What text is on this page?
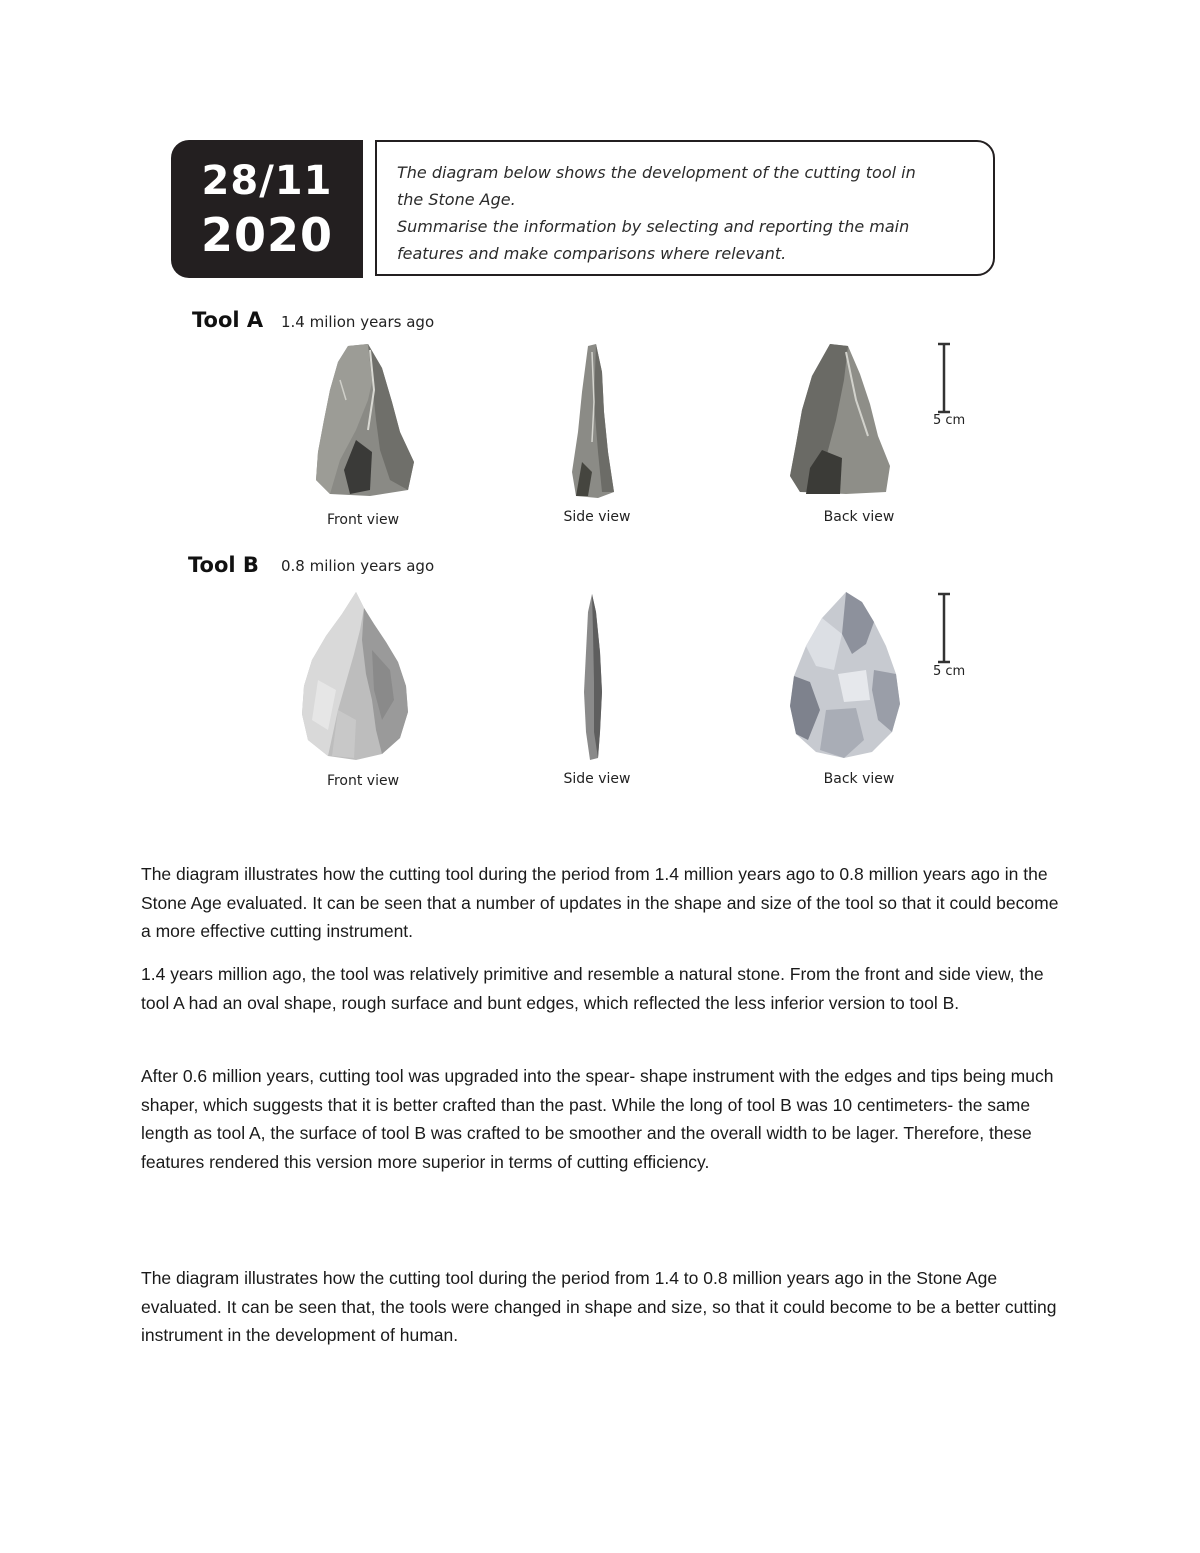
28/11
2020
The diagram below shows the development of the cutting tool in
the Stone Age.
Summarise the information by selecting and reporting the main
features and make comparisons where relevant.
Tool A 1.4 milion years ago
Front view	Side view	Back view
5 cm
Tool B 0.8 milion years ago
Front view	Side view	Back view
5 cm

The diagram illustrates how the cutting tool during the period from 1.4 million years ago to 0.8 million years ago in the Stone Age evaluated. It can be seen that a number of updates in the shape and size of the tool so that it could become a more effective cutting instrument.

1.4 years million ago, the tool was relatively primitive and resemble a natural stone. From the front and side view, the tool A had an oval shape, rough surface and bunt edges, which reflected the less inferior version to tool B.

After 0.6 million years, cutting tool was upgraded into the spear- shape instrument with the edges and tips being much shaper, which suggests that it is better crafted than the past. While the long of tool B was 10 centimeters- the same length as tool A, the surface of tool B was crafted to be smoother and the overall width to be lager. Therefore, these features rendered this version more superior in terms of cutting efficiency.

The diagram illustrates how the cutting tool during the period from 1.4 to 0.8 million years ago in the Stone Age evaluated. It can be seen that, the tools were changed in shape and size, so that it could become to be a better cutting instrument in the development of human.
